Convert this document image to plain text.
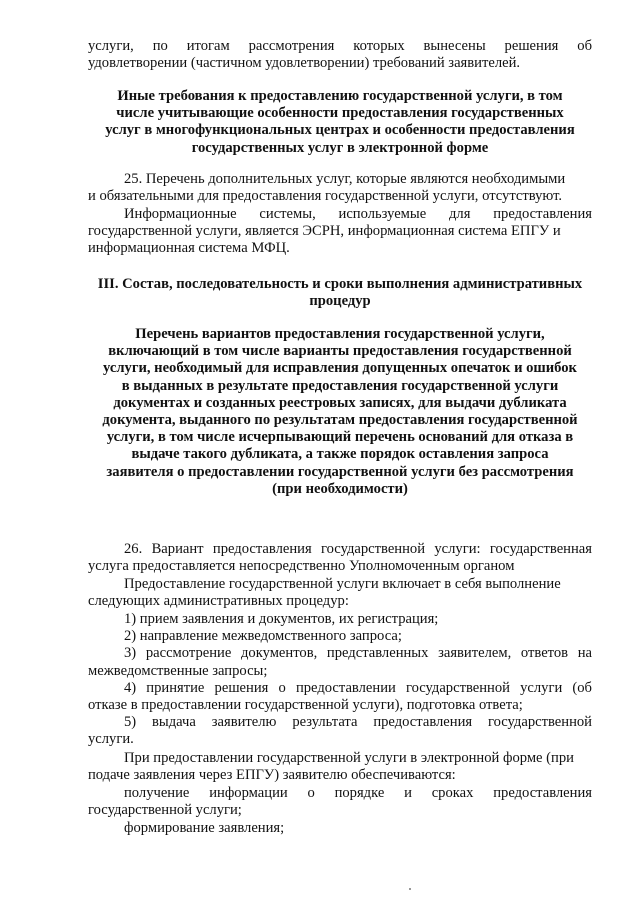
услуги, по итогам рассмотрения которых вынесены решения об
удовлетворении (частичном удовлетворении) требований заявителей.

Иные требования к предоставлению государственной услуги, в том
числе учитывающие особенности предоставления государственных
услуг в многофункциональных центрах и особенности предоставления
государственных услуг в электронной форме

25. Перечень дополнительных услуг, которые являются необходимыми
и обязательными для предоставления государственной услуги, отсутствуют.

Информационные системы, используемые для предоставления
государственной услуги, является ЭСРН, информационная система ЕПГУ и
информационная система МФЦ.

III. Состав, последовательность и сроки выполнения административных
процедур
Перечень вариантов предоставления государственной услуги,
включающий в том числе варианты предоставления государственной
услуги, необходимый для исправления допущенных опечаток и ошибок
в выданных в результате предоставления государственной услуги
документах и созданных реестровых записях, для выдачи дубликата
документа, выданного по результатам предоставления государственной
услуги, в том числе исчерпывающий перечень оснований для отказа в
выдаче такого дубликата, а также порядок оставления запроса
заявителя о предоставлении государственной услуги без рассмотрения
(при необходимости)

26. Вариант предоставления государственной услуги: государственная
услуга предоставляется непосредственно Уполномоченным органом

Предоставление государственной услуги включает в себя выполнение
следующих административных процедур:

1) прием заявления и документов, их регистрация;
2) направление межведомственного запроса;
3) рассмотрение документов, представленных заявителем, ответов на
межведомственные запросы;
4) принятие решения о предоставлении государственной услуги (об
отказе в предоставлении государственной услуги), подготовка ответа;
5) выдача заявителю результата предоставления государственной
услуги.

При предоставлении государственной услуги в электронной форме (при
подаче заявления через ЕПГУ) заявителю обеспечиваются:

получение информации о порядке и сроках предоставления
государственной услуги;

формирование заявления;
